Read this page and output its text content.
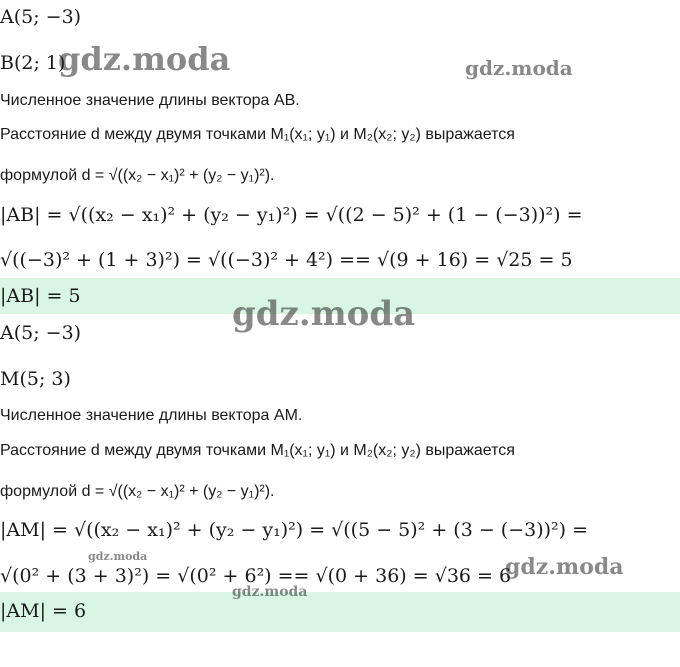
A(5; −3)
B(2; 1)
Численное значение длины вектора AB.
Расстояние d между двумя точками M₁(x₁; y₁) и M₂(x₂; y₂) выражается
формулой d = √((x₂ − x₁)² + (y₂ − y₁)²).
|AB| = √((x₂ − x₁)² + (y₂ − y₁)²) = √((2 − 5)² + (1 − (−3))²) =
√((−3)² + (1 + 3)²) = √((−3)² + 4²) == √(9 + 16) = √25 = 5
|AB| = 5
A(5; −3)
M(5; 3)
Численное значение длины вектора AM.
Расстояние d между двумя точками M₁(x₁; y₁) и M₂(x₂; y₂) выражается
формулой d = √((x₂ − x₁)² + (y₂ − y₁)²).
|AM| = √((x₂ − x₁)² + (y₂ − y₁)²) = √((5 − 5)² + (3 − (−3))²) =
√(0² + (3 + 3)²) = √(0² + 6²) == √(0 + 36) = √36 = 6
|AM| = 6
gdz.moda	gdz.moda
gdz.moda
gdz.moda	gdz.moda
gdz.moda
